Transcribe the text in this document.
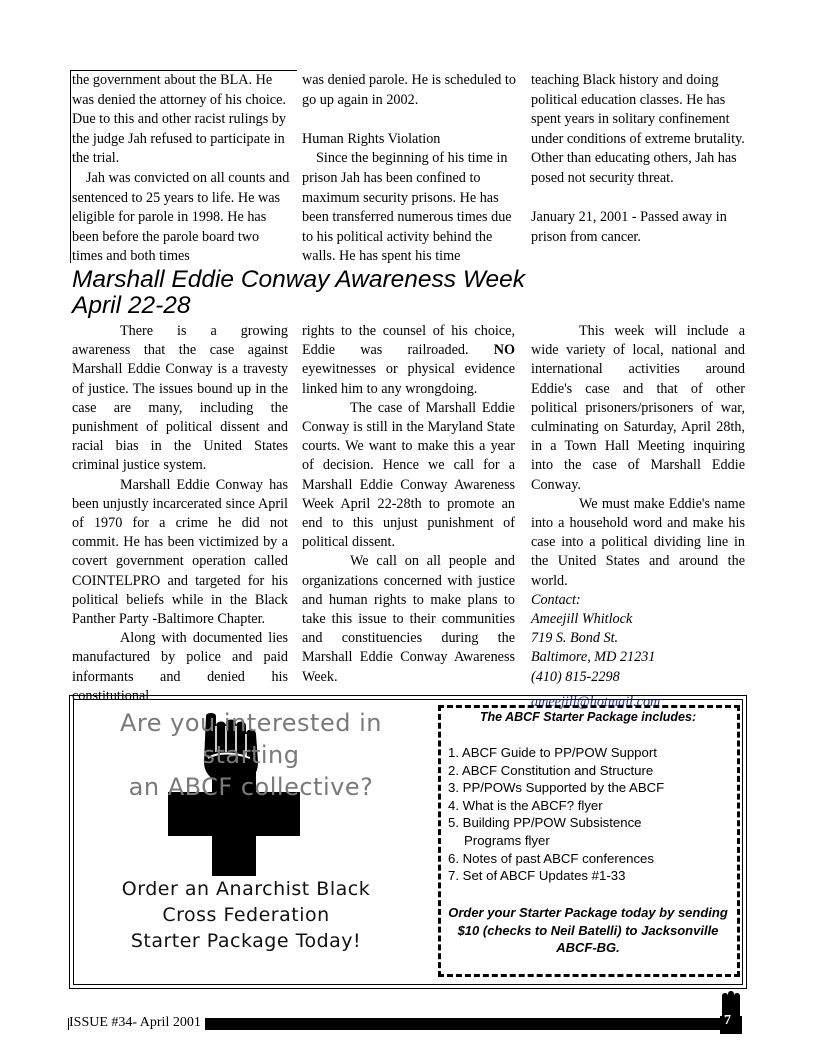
the government about the BLA. He was denied the attorney of his choice. Due to this and other racist rulings by the judge Jah refused to participate in the trial.

Jah was convicted on all counts and sentenced to 25 years to life. He was eligible for parole in 1998. He has been before the parole board two times and both times

was denied parole. He is scheduled to go up again in 2002.

Human Rights Violation

Since the beginning of his time in prison Jah has been confined to maximum security prisons. He has been transferred numerous times due to his political activity behind the walls. He has spent his time

teaching Black history and doing political education classes. He has spent years in solitary confinement under conditions of extreme brutality. Other than educating others, Jah has posed not security threat.

January 21, 2001 - Passed away in prison from cancer.

Marshall Eddie Conway Awareness Week
April 22-28

There is a growing awareness that the case against Marshall Eddie Conway is a travesty of justice. The issues bound up in the case are many, including the punishment of political dissent and racial bias in the United States criminal justice system.

Marshall Eddie Conway has been unjustly incarcerated since April of 1970 for a crime he did not commit. He has been victimized by a covert government operation called COINTELPRO and targeted for his political beliefs while in the Black Panther Party -Baltimore Chapter.

Along with documented lies manufactured by police and paid informants and denied his constitutional

rights to the counsel of his choice, Eddie was railroaded. NO eyewitnesses or physical evidence linked him to any wrongdoing.

The case of Marshall Eddie Conway is still in the Maryland State courts. We want to make this a year of decision. Hence we call for a Marshall Eddie Conway Awareness Week April 22-28th to promote an end to this unjust punishment of political dissent.

We call on all people and organizations concerned with justice and human rights to make plans to take this issue to their communities and constituencies during the Marshall Eddie Conway Awareness Week.

This week will include a wide variety of local, national and international activities around Eddie's case and that of other political prisoners/prisoners of war, culminating on Saturday, April 28th, in a Town Hall Meeting inquiring into the case of Marshall Eddie Conway.

We must make Eddie's name into a household word and make his case into a political dividing line in the United States and around the world.

Contact:
Ameejill Whitlock
719 S. Bond St.
Baltimore, MD 21231
(410) 815-2298
ameejill@hotmail.com
Are you interested in starting
an ABCF collective?
Order an Anarchist Black
Cross Federation
Starter Package Today!
The ABCF Starter Package includes:
1. ABCF Guide to PP/POW Support
2. ABCF Constitution and Structure
3. PP/POWs Supported by the ABCF
4. What is the ABCF? flyer
5. Building PP/POW Subsistence
Programs flyer
6. Notes of past ABCF conferences
7. Set of ABCF Updates #1-33
Order your Starter Package today by sending $10 (checks to Neil Batelli) to Jacksonville ABCF-BG.
ISSUE #34- April 2001	7
